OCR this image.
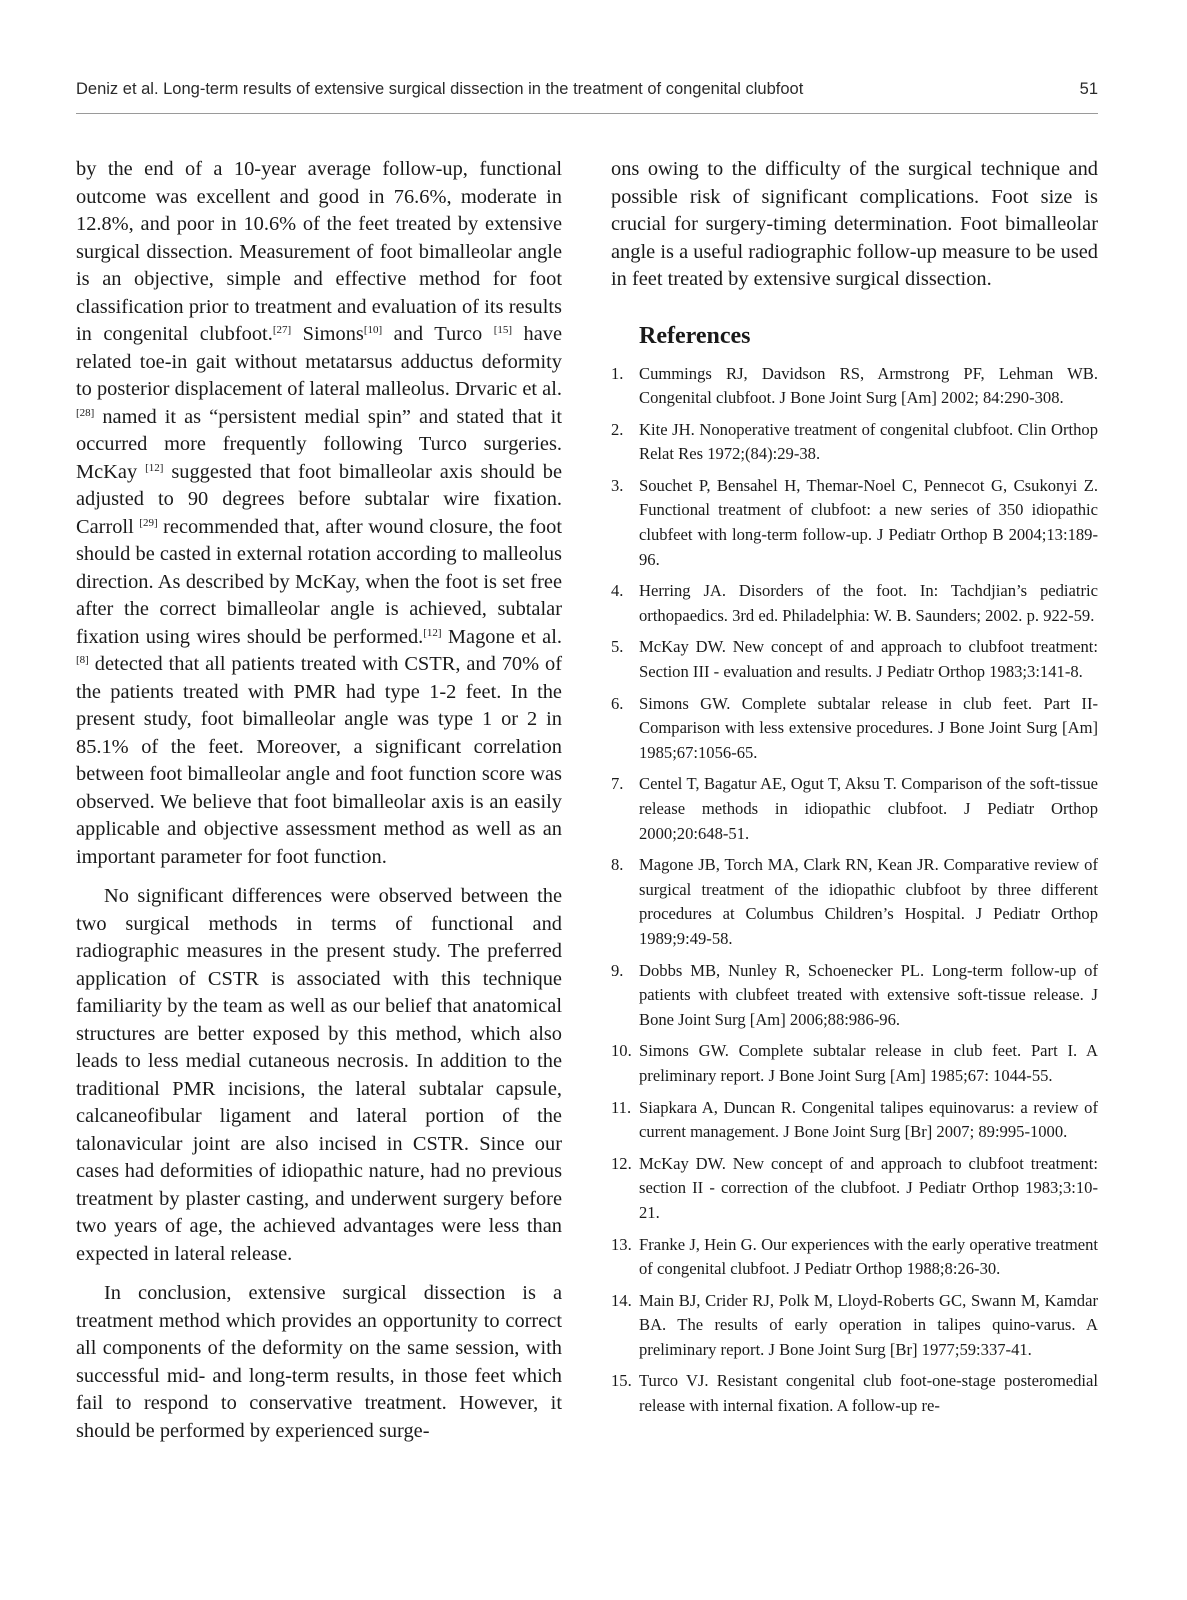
Deniz et al. Long-term results of extensive surgical dissection in the treatment of congenital clubfoot	51

by the end of a 10-year average follow-up, functional outcome was excellent and good in 76.6%, moderate in 12.8%, and poor in 10.6% of the feet treated by extensive surgical dissection. Measurement of foot bimalleolar angle is an objective, simple and effective method for foot classification prior to treatment and evaluation of its results in congenital clubfoot.[27] Simons[10] and Turco [15] have related toe-in gait without metatarsus adductus deformity to posterior displacement of lateral malleolus. Drvaric et al. [28] named it as “persistent medial spin” and stated that it occurred more frequently following Turco surgeries. McKay [12] suggested that foot bimalleolar axis should be adjusted to 90 degrees before subtalar wire fixation. Carroll [29] recommended that, after wound closure, the foot should be casted in external rotation according to malleolus direction. As described by McKay, when the foot is set free after the correct bimalleolar angle is achieved, subtalar fixation using wires should be performed.[12] Magone et al.[8] detected that all patients treated with CSTR, and 70% of the patients treated with PMR had type 1-2 feet. In the present study, foot bimalleolar angle was type 1 or 2 in 85.1% of the feet. Moreover, a significant correlation between foot bimalleolar angle and foot function score was observed. We believe that foot bimalleolar axis is an easily applicable and objective assessment method as well as an important parameter for foot function.

No significant differences were observed between the two surgical methods in terms of functional and radiographic measures in the present study. The preferred application of CSTR is associated with this technique familiarity by the team as well as our belief that anatomical structures are better exposed by this method, which also leads to less medial cutaneous necrosis. In addition to the traditional PMR incisions, the lateral subtalar capsule, calcaneofibular ligament and lateral portion of the talonavicular joint are also incised in CSTR. Since our cases had deformities of idiopathic nature, had no previous treatment by plaster casting, and underwent surgery before two years of age, the achieved advantages were less than expected in lateral release.

In conclusion, extensive surgical dissection is a treatment method which provides an opportunity to correct all components of the deformity on the same session, with successful mid- and long-term results, in those feet which fail to respond to conservative treatment. However, it should be performed by experienced surge-

ons owing to the difficulty of the surgical technique and possible risk of significant complications. Foot size is crucial for surgery-timing determination. Foot bimalleolar angle is a useful radiographic follow-up measure to be used in feet treated by extensive surgical dissection.

References
1. Cummings RJ, Davidson RS, Armstrong PF, Lehman WB. Congenital clubfoot. J Bone Joint Surg [Am] 2002; 84:290-308.
2. Kite JH. Nonoperative treatment of congenital clubfoot. Clin Orthop Relat Res 1972;(84):29-38.
3. Souchet P, Bensahel H, Themar-Noel C, Pennecot G, Csukonyi Z. Functional treatment of clubfoot: a new series of 350 idiopathic clubfeet with long-term follow-up. J Pediatr Orthop B 2004;13:189-96.
4. Herring JA. Disorders of the foot. In: Tachdjian’s pediatric orthopaedics. 3rd ed. Philadelphia: W. B. Saunders; 2002. p. 922-59.
5. McKay DW. New concept of and approach to clubfoot treatment: Section III - evaluation and results. J Pediatr Orthop 1983;3:141-8.
6. Simons GW. Complete subtalar release in club feet. Part II-Comparison with less extensive procedures. J Bone Joint Surg [Am] 1985;67:1056-65.
7. Centel T, Bagatur AE, Ogut T, Aksu T. Comparison of the soft-tissue release methods in idiopathic clubfoot. J Pediatr Orthop 2000;20:648-51.
8. Magone JB, Torch MA, Clark RN, Kean JR. Comparative review of surgical treatment of the idiopathic clubfoot by three different procedures at Columbus Children’s Hospital. J Pediatr Orthop 1989;9:49-58.
9. Dobbs MB, Nunley R, Schoenecker PL. Long-term follow-up of patients with clubfeet treated with extensive soft-tissue release. J Bone Joint Surg [Am] 2006;88:986-96.
10. Simons GW. Complete subtalar release in club feet. Part I. A preliminary report. J Bone Joint Surg [Am] 1985;67: 1044-55.
11. Siapkara A, Duncan R. Congenital talipes equinovarus: a review of current management. J Bone Joint Surg [Br] 2007; 89:995-1000.
12. McKay DW. New concept of and approach to clubfoot treatment: section II - correction of the clubfoot. J Pediatr Orthop 1983;3:10-21.
13. Franke J, Hein G. Our experiences with the early operative treatment of congenital clubfoot. J Pediatr Orthop 1988;8:26-30.
14. Main BJ, Crider RJ, Polk M, Lloyd-Roberts GC, Swann M, Kamdar BA. The results of early operation in talipes quino-varus. A preliminary report. J Bone Joint Surg [Br] 1977;59:337-41.
15. Turco VJ. Resistant congenital club foot-one-stage posteromedial release with internal fixation. A follow-up re-
